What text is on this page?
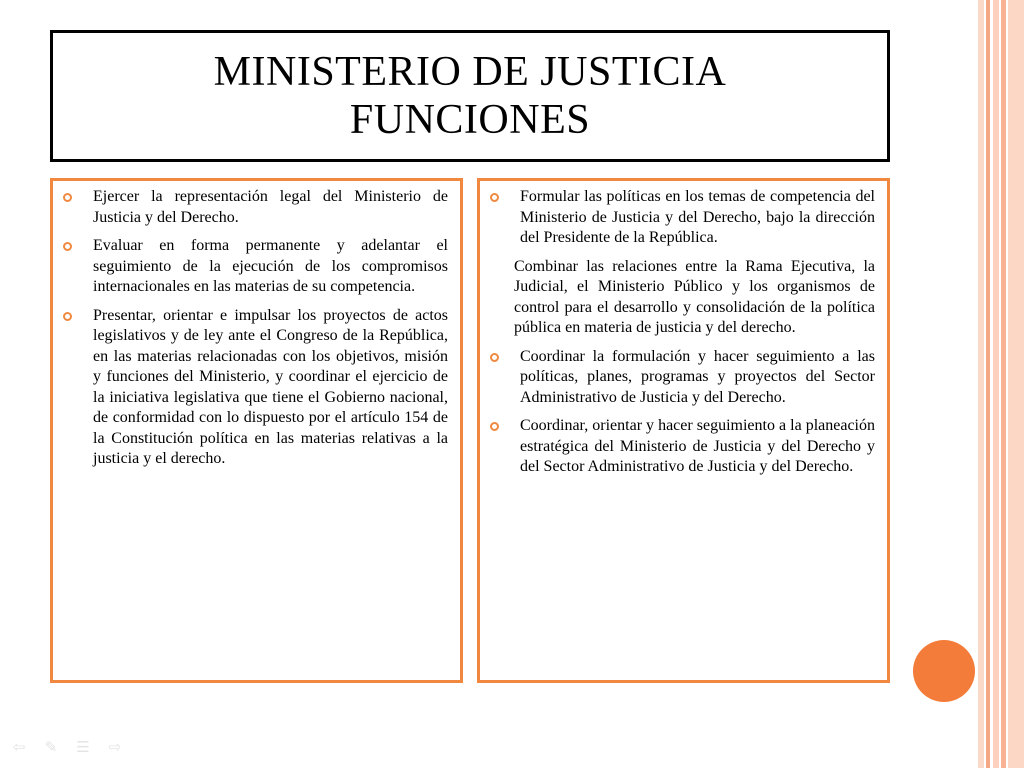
MINISTERIO DE JUSTICIA
FUNCIONES
Ejercer la representación legal del Ministerio de Justicia y del Derecho.
Evaluar en forma permanente y adelantar el seguimiento de la ejecución de los compromisos internacionales en las materias de su competencia.
Presentar, orientar e impulsar los proyectos de actos legislativos y de ley ante el Congreso de la República, en las materias relacionadas con los objetivos, misión y funciones del Ministerio, y coordinar el ejercicio de la iniciativa legislativa que tiene el Gobierno nacional, de conformidad con lo dispuesto por el artículo 154 de la Constitución política en las materias relativas a la justicia y el derecho.
Formular las políticas en los temas de competencia del Ministerio de Justicia y del Derecho, bajo la dirección del Presidente de la República.
Combinar las relaciones entre la Rama Ejecutiva, la Judicial, el Ministerio Público y los organismos de control para el desarrollo y consolidación de la política pública en materia de justicia y del derecho.
Coordinar la formulación y hacer seguimiento a las políticas, planes, programas y proyectos del Sector Administrativo de Justicia y del Derecho.
Coordinar, orientar y hacer seguimiento a la planeación estratégica del Ministerio de Justicia y del Derecho y del Sector Administrativo de Justicia y del Derecho.
⇦	✎	☰	⇨
